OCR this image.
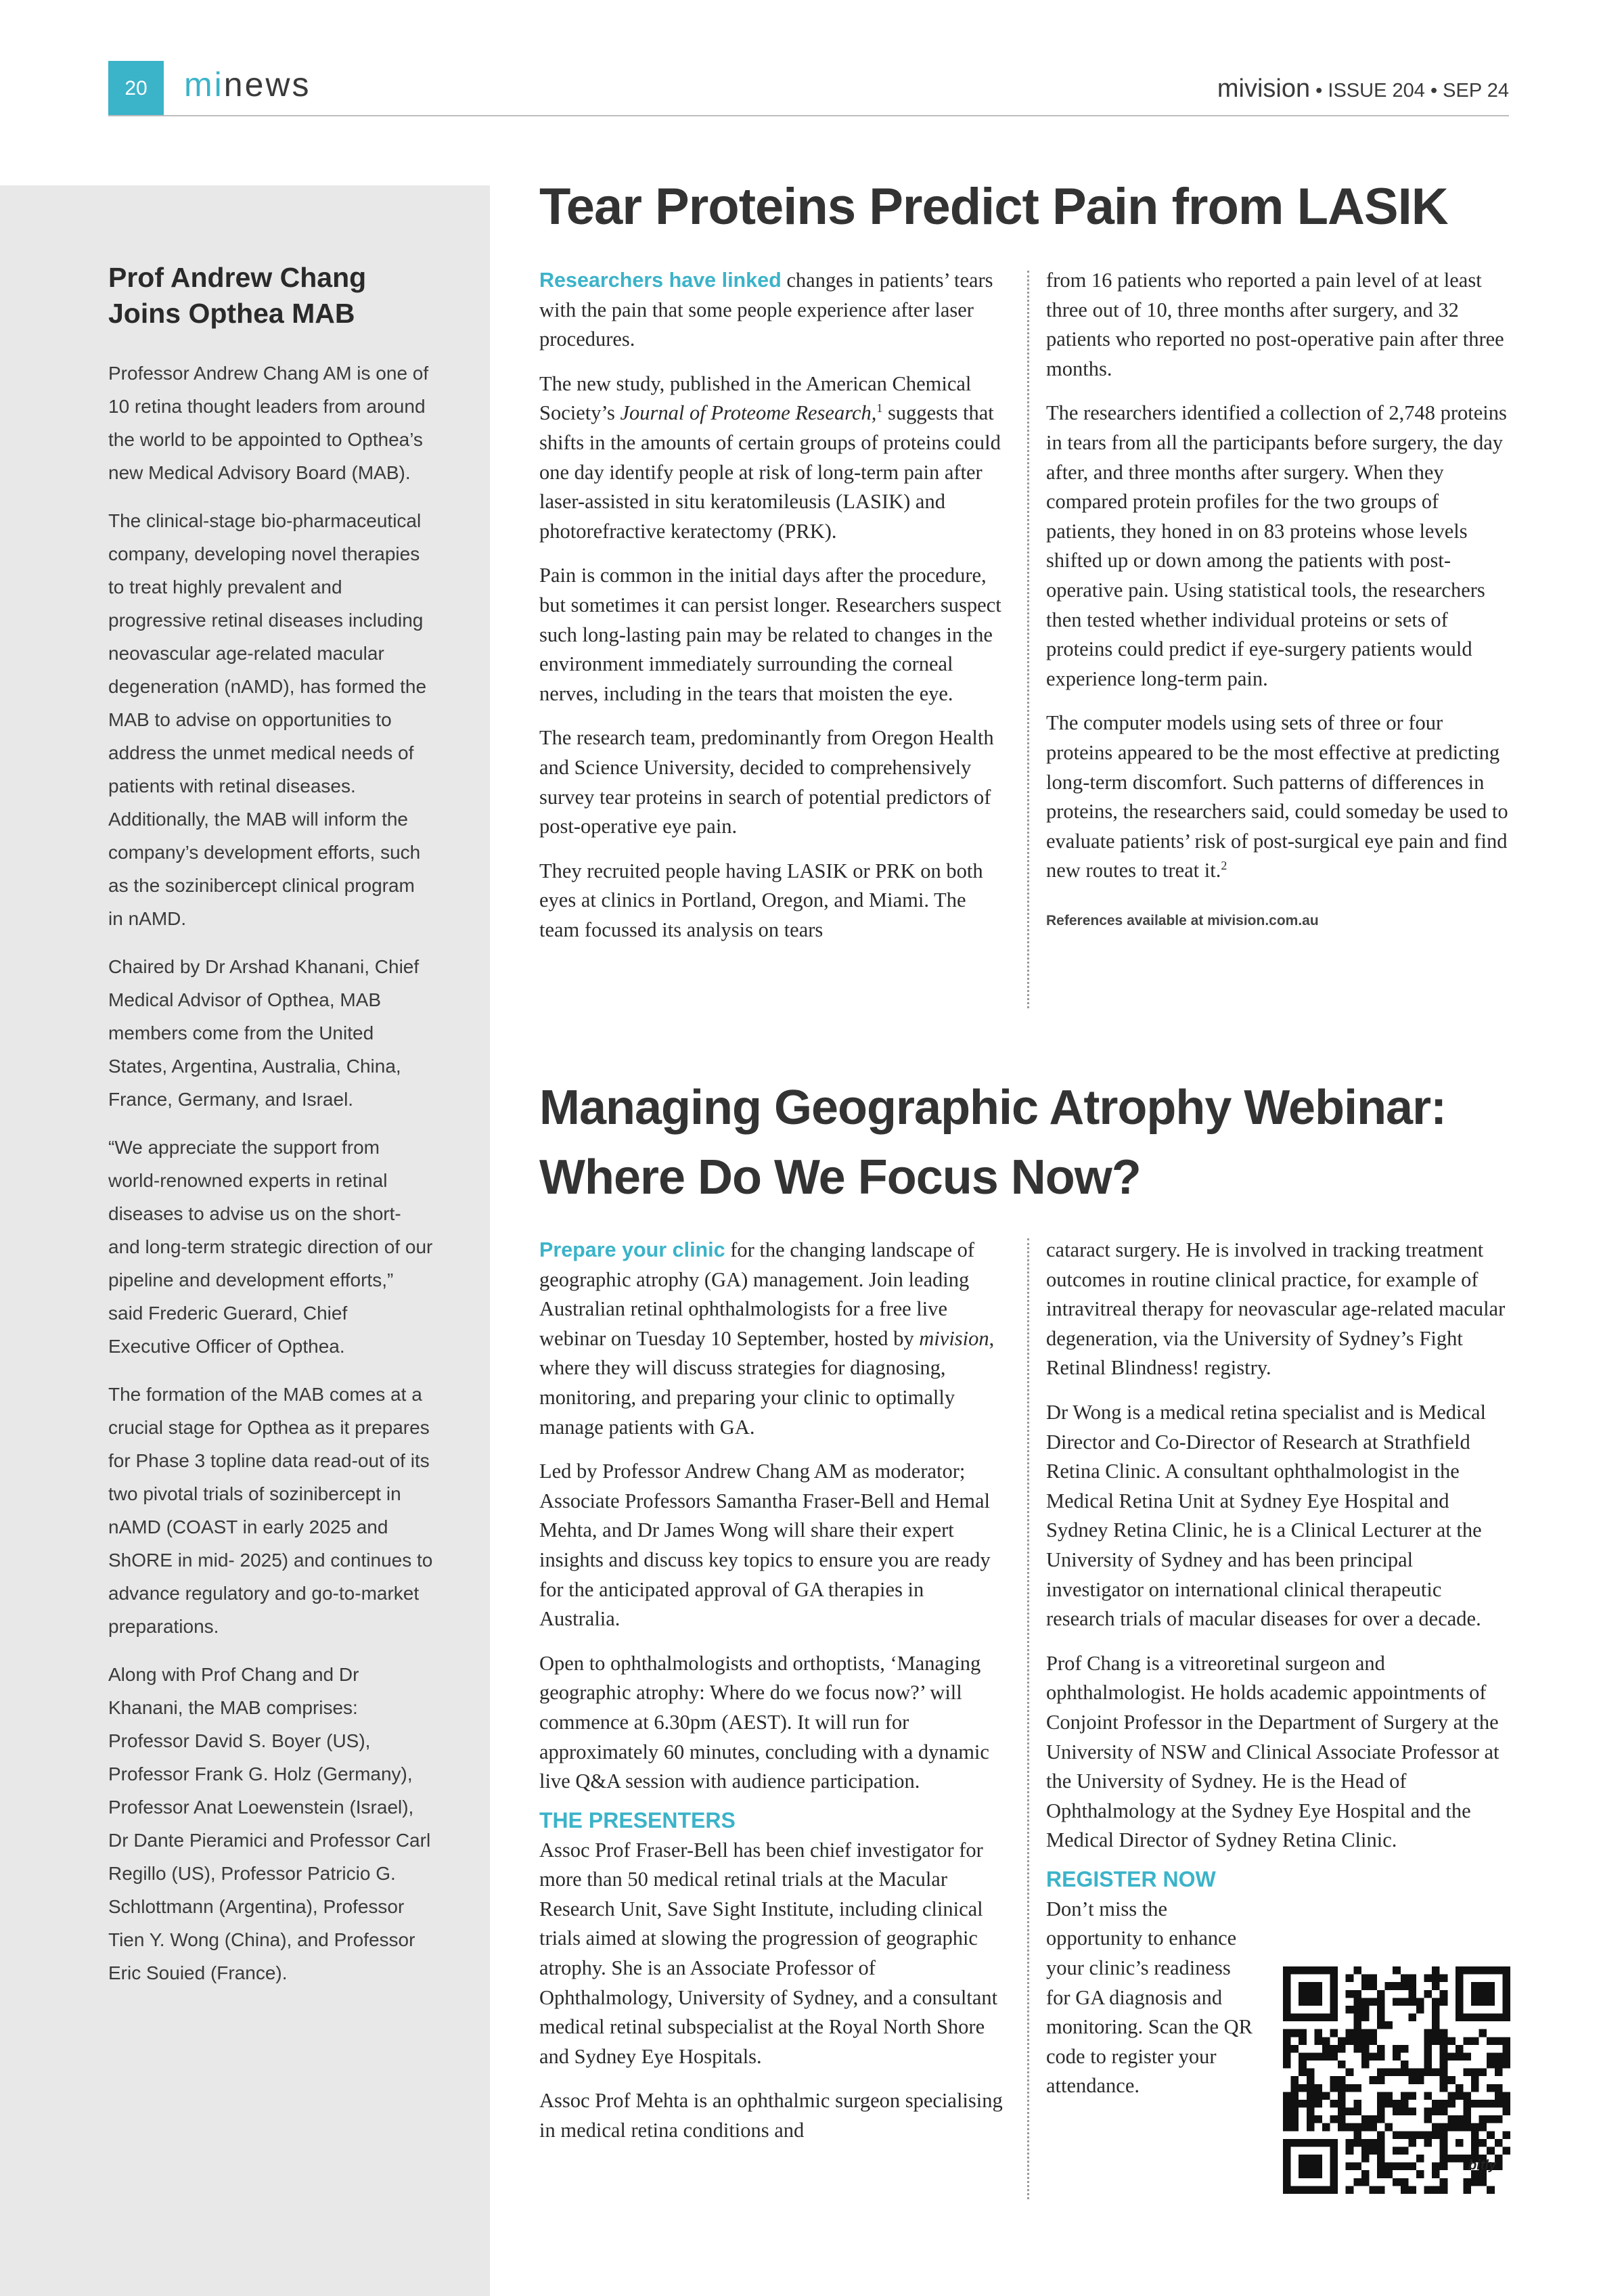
20	minews	mivision • ISSUE 204 • SEP 24
Prof Andrew Chang Joins Opthea MAB

Professor Andrew Chang AM is one of 10 retina thought leaders from around the world to be appointed to Opthea’s new Medical Advisory Board (MAB).

The clinical-stage bio-pharmaceutical company, developing novel therapies to treat highly prevalent and progressive retinal diseases including neovascular age-related macular degeneration (nAMD), has formed the MAB to advise on opportunities to address the unmet medical needs of patients with retinal diseases. Additionally, the MAB will inform the company’s development efforts, such as the sozinibercept clinical program in nAMD.

Chaired by Dr Arshad Khanani, Chief Medical Advisor of Opthea, MAB members come from the United States, Argentina, Australia, China, France, Germany, and Israel.

“We appreciate the support from world-renowned experts in retinal diseases to advise us on the short- and long-term strategic direction of our pipeline and development efforts,” said Frederic Guerard, Chief Executive Officer of Opthea.

The formation of the MAB comes at a crucial stage for Opthea as it prepares for Phase 3 topline data read-out of its two pivotal trials of sozinibercept in nAMD (COAST in early 2025 and ShORE in mid- 2025) and continues to advance regulatory and go-to-market preparations.

Along with Prof Chang and Dr Khanani, the MAB comprises: Professor David S. Boyer (US), Professor Frank G. Holz (Germany), Professor Anat Loewenstein (Israel), Dr Dante Pieramici and Professor Carl Regillo (US), Professor Patricio G. Schlottmann (Argentina), Professor Tien Y. Wong (China), and Professor Eric Souied (France).

Tear Proteins Predict Pain from LASIK

Researchers have linked changes in patients’ tears with the pain that some people experience after laser procedures.

The new study, published in the American Chemical Society’s Journal of Proteome Research,$^1$ suggests that shifts in the amounts of certain groups of proteins could one day identify people at risk of long-term pain after laser-assisted in situ keratomileusis (LASIK) and photorefractive keratectomy (PRK).

Pain is common in the initial days after the procedure, but sometimes it can persist longer. Researchers suspect such long-lasting pain may be related to changes in the environment immediately surrounding the corneal nerves, including in the tears that moisten the eye.

The research team, predominantly from Oregon Health and Science University, decided to comprehensively survey tear proteins in search of potential predictors of post-operative eye pain.

They recruited people having LASIK or PRK on both eyes at clinics in Portland, Oregon, and Miami. The team focussed its analysis on tears

from 16 patients who reported a pain level of at least three out of 10, three months after surgery, and 32 patients who reported no post-operative pain after three months.

The researchers identified a collection of 2,748 proteins in tears from all the participants before surgery, the day after, and three months after surgery. When they compared protein profiles for the two groups of patients, they honed in on 83 proteins whose levels shifted up or down among the patients with post-operative pain. Using statistical tools, the researchers then tested whether individual proteins or sets of proteins could predict if eye-surgery patients would experience long-term pain.

The computer models using sets of three or four proteins appeared to be the most effective at predicting long-term discomfort. Such patterns of differences in proteins, the researchers said, could someday be used to evaluate patients’ risk of post-surgical eye pain and find new routes to treat it.$^2$

References available at mivision.com.au
Managing Geographic Atrophy Webinar: Where Do We Focus Now?

Prepare your clinic for the changing landscape of geographic atrophy (GA) management. Join leading Australian retinal ophthalmologists for a free live webinar on Tuesday 10 September, hosted by mivision, where they will discuss strategies for diagnosing, monitoring, and preparing your clinic to optimally manage patients with GA.

Led by Professor Andrew Chang AM as moderator; Associate Professors Samantha Fraser-Bell and Hemal Mehta, and Dr James Wong will share their expert insights and discuss key topics to ensure you are ready for the anticipated approval of GA therapies in Australia.

Open to ophthalmologists and orthoptists, ‘Managing geographic atrophy: Where do we focus now?’ will commence at 6.30pm (AEST). It will run for approximately 60 minutes, concluding with a dynamic live Q&A session with audience participation.

THE PRESENTERS

Assoc Prof Fraser-Bell has been chief investigator for more than 50 medical retinal trials at the Macular Research Unit, Save Sight Institute, including clinical trials aimed at slowing the progression of geographic atrophy. She is an Associate Professor of Ophthalmology, University of Sydney, and a consultant medical retinal subspecialist at the Royal North Shore and Sydney Eye Hospitals.

Assoc Prof Mehta is an ophthalmic surgeon specialising in medical retina conditions and

cataract surgery. He is involved in tracking treatment outcomes in routine clinical practice, for example of intravitreal therapy for neovascular age-related macular degeneration, via the University of Sydney’s Fight Retinal Blindness! registry.

Dr Wong is a medical retina specialist and is Medical Director and Co-Director of Research at Strathfield Retina Clinic. A consultant ophthalmologist in the Medical Retina Unit at Sydney Eye Hospital and Sydney Retina Clinic, he is a Clinical Lecturer at the University of Sydney and has been principal investigator on international clinical therapeutic research trials of macular diseases for over a decade.

Prof Chang is a vitreoretinal surgeon and ophthalmologist. He holds academic appointments of Conjoint Professor in the Department of Surgery at the University of NSW and Clinical Associate Professor at the University of Sydney. He is the Head of Ophthalmology at the Sydney Eye Hospital and the Medical Director of Sydney Retina Clinic.

REGISTER NOW

Don’t miss the opportunity to enhance your clinic’s readiness for GA diagnosis and monitoring. Scan the QR code to register your attendance.

bitly
